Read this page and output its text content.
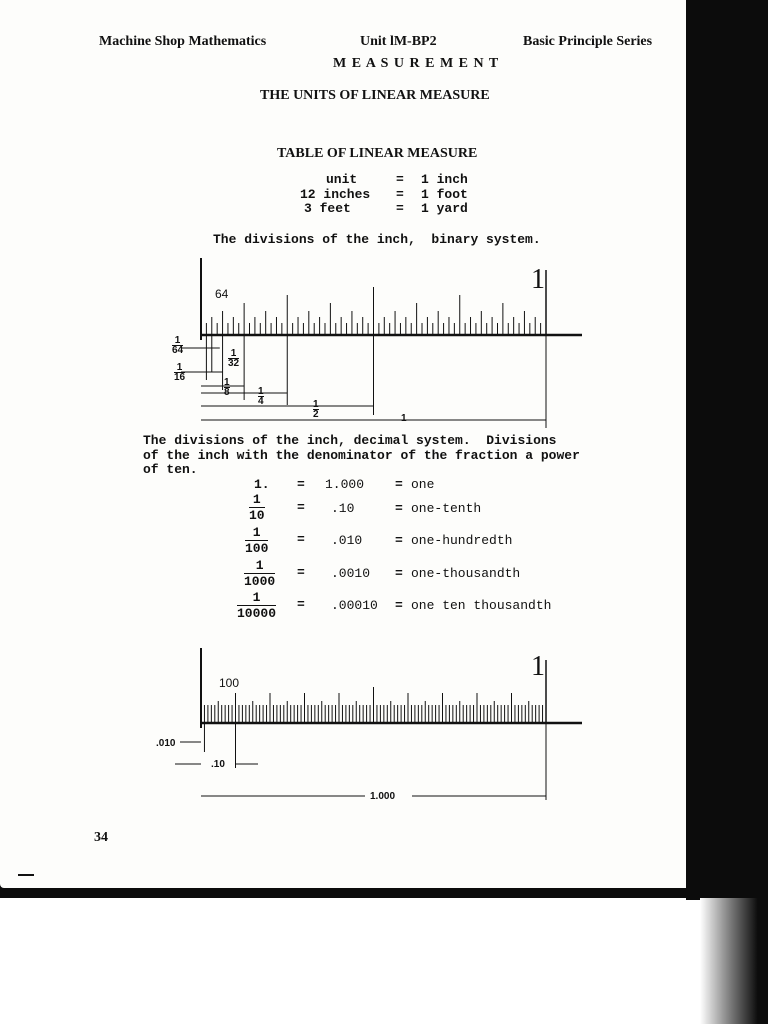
Machine Shop Mathematics	Unit lM-BP2	Basic Principle Series
M E A S U R E M E N T
THE UNITS OF LINEAR MEASURE
TABLE OF LINEAR MEASURE
unit	= 1 inch
12 inches = 1 foot
3 feet	= 1 yard
The divisions of the inch,  binary system.
64	1
1
64	1
32
1
16	1
8	1
4	1
2	1
The divisions of the inch, decimal system.  Divisions
of the inch with the denominator of the fraction a power
of ten.
1. = 1.000 = one
1
10
= .10	= one-tenth
1
100
= .010	= one-hundredth
1
1000
= .0010 = one-thousandth
1
10000
= .00010 = one ten thousandth
100
1
.010
.10
1.000
34
